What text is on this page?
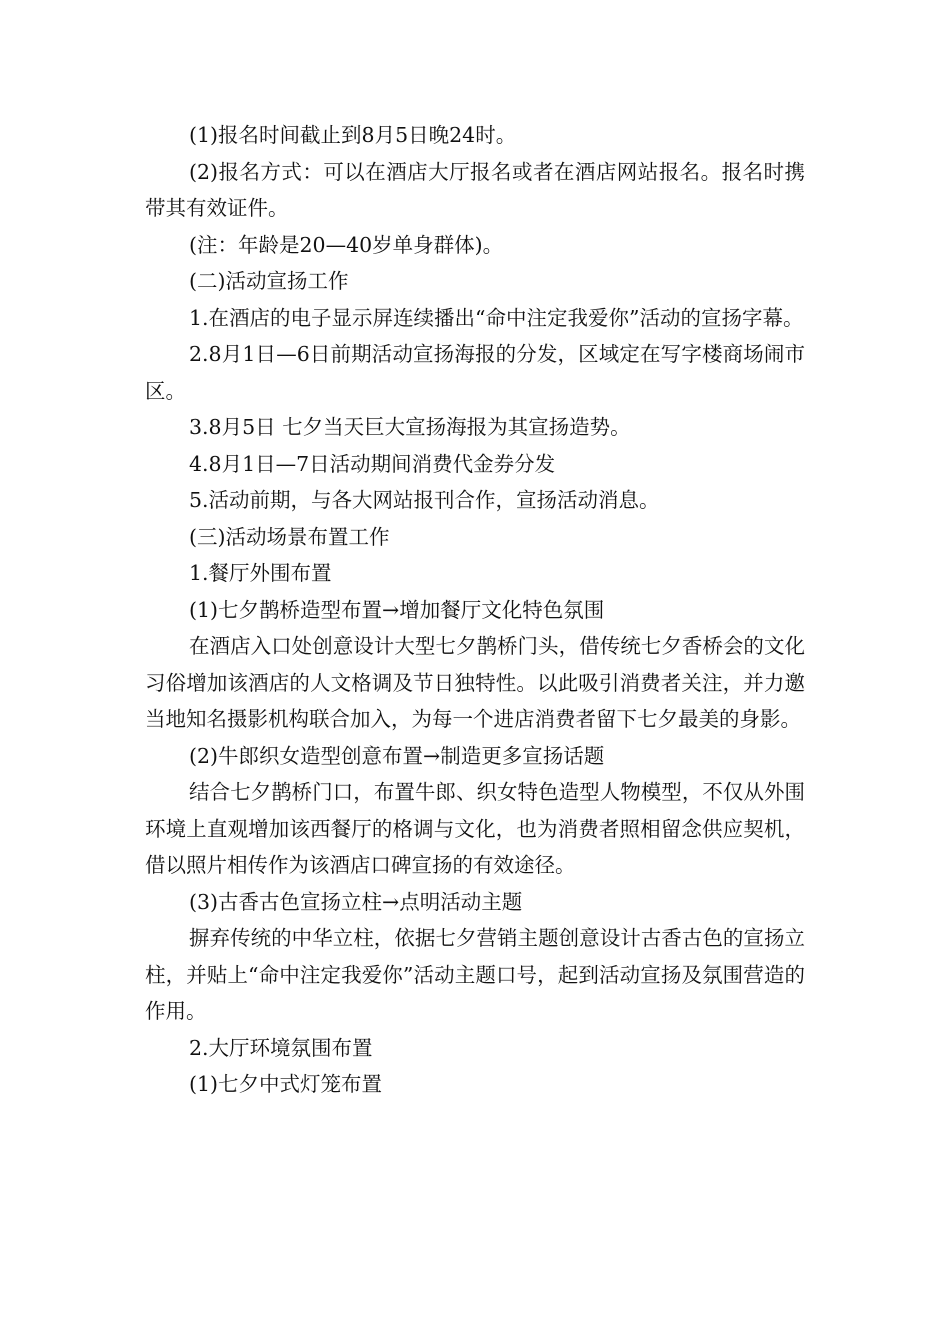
(1)报名时间截止到8月5日晚24时。

(2)报名方式：可以在酒店大厅报名或者在酒店网站报名。报名时携带其有效证件。

(注：年龄是20—40岁单身群体)。

(二)活动宣扬工作

1.在酒店的电子显示屏连续播出“命中注定我爱你”活动的宣扬字幕。

2.8月1日—6日前期活动宣扬海报的分发，区域定在写字楼商场闹市区。

3.8月5日 七夕当天巨大宣扬海报为其宣扬造势。

4.8月1日—7日活动期间消费代金券分发

5.活动前期，与各大网站报刊合作，宣扬活动消息。

(三)活动场景布置工作

1.餐厅外围布置

(1)七夕鹊桥造型布置→增加餐厅文化特色氛围

在酒店入口处创意设计大型七夕鹊桥门头，借传统七夕香桥会的文化习俗增加该酒店的人文格调及节日独特性。以此吸引消费者关注，并力邀当地知名摄影机构联合加入，为每一个进店消费者留下七夕最美的身影。

(2)牛郎织女造型创意布置→制造更多宣扬话题

结合七夕鹊桥门口，布置牛郎、织女特色造型人物模型，不仅从外围环境上直观增加该西餐厅的格调与文化，也为消费者照相留念供应契机，借以照片相传作为该酒店口碑宣扬的有效途径。

(3)古香古色宣扬立柱→点明活动主题

摒弃传统的中华立柱，依据七夕营销主题创意设计古香古色的宣扬立柱，并贴上“命中注定我爱你”活动主题口号，起到活动宣扬及氛围营造的作用。

2.大厅环境氛围布置

(1)七夕中式灯笼布置
